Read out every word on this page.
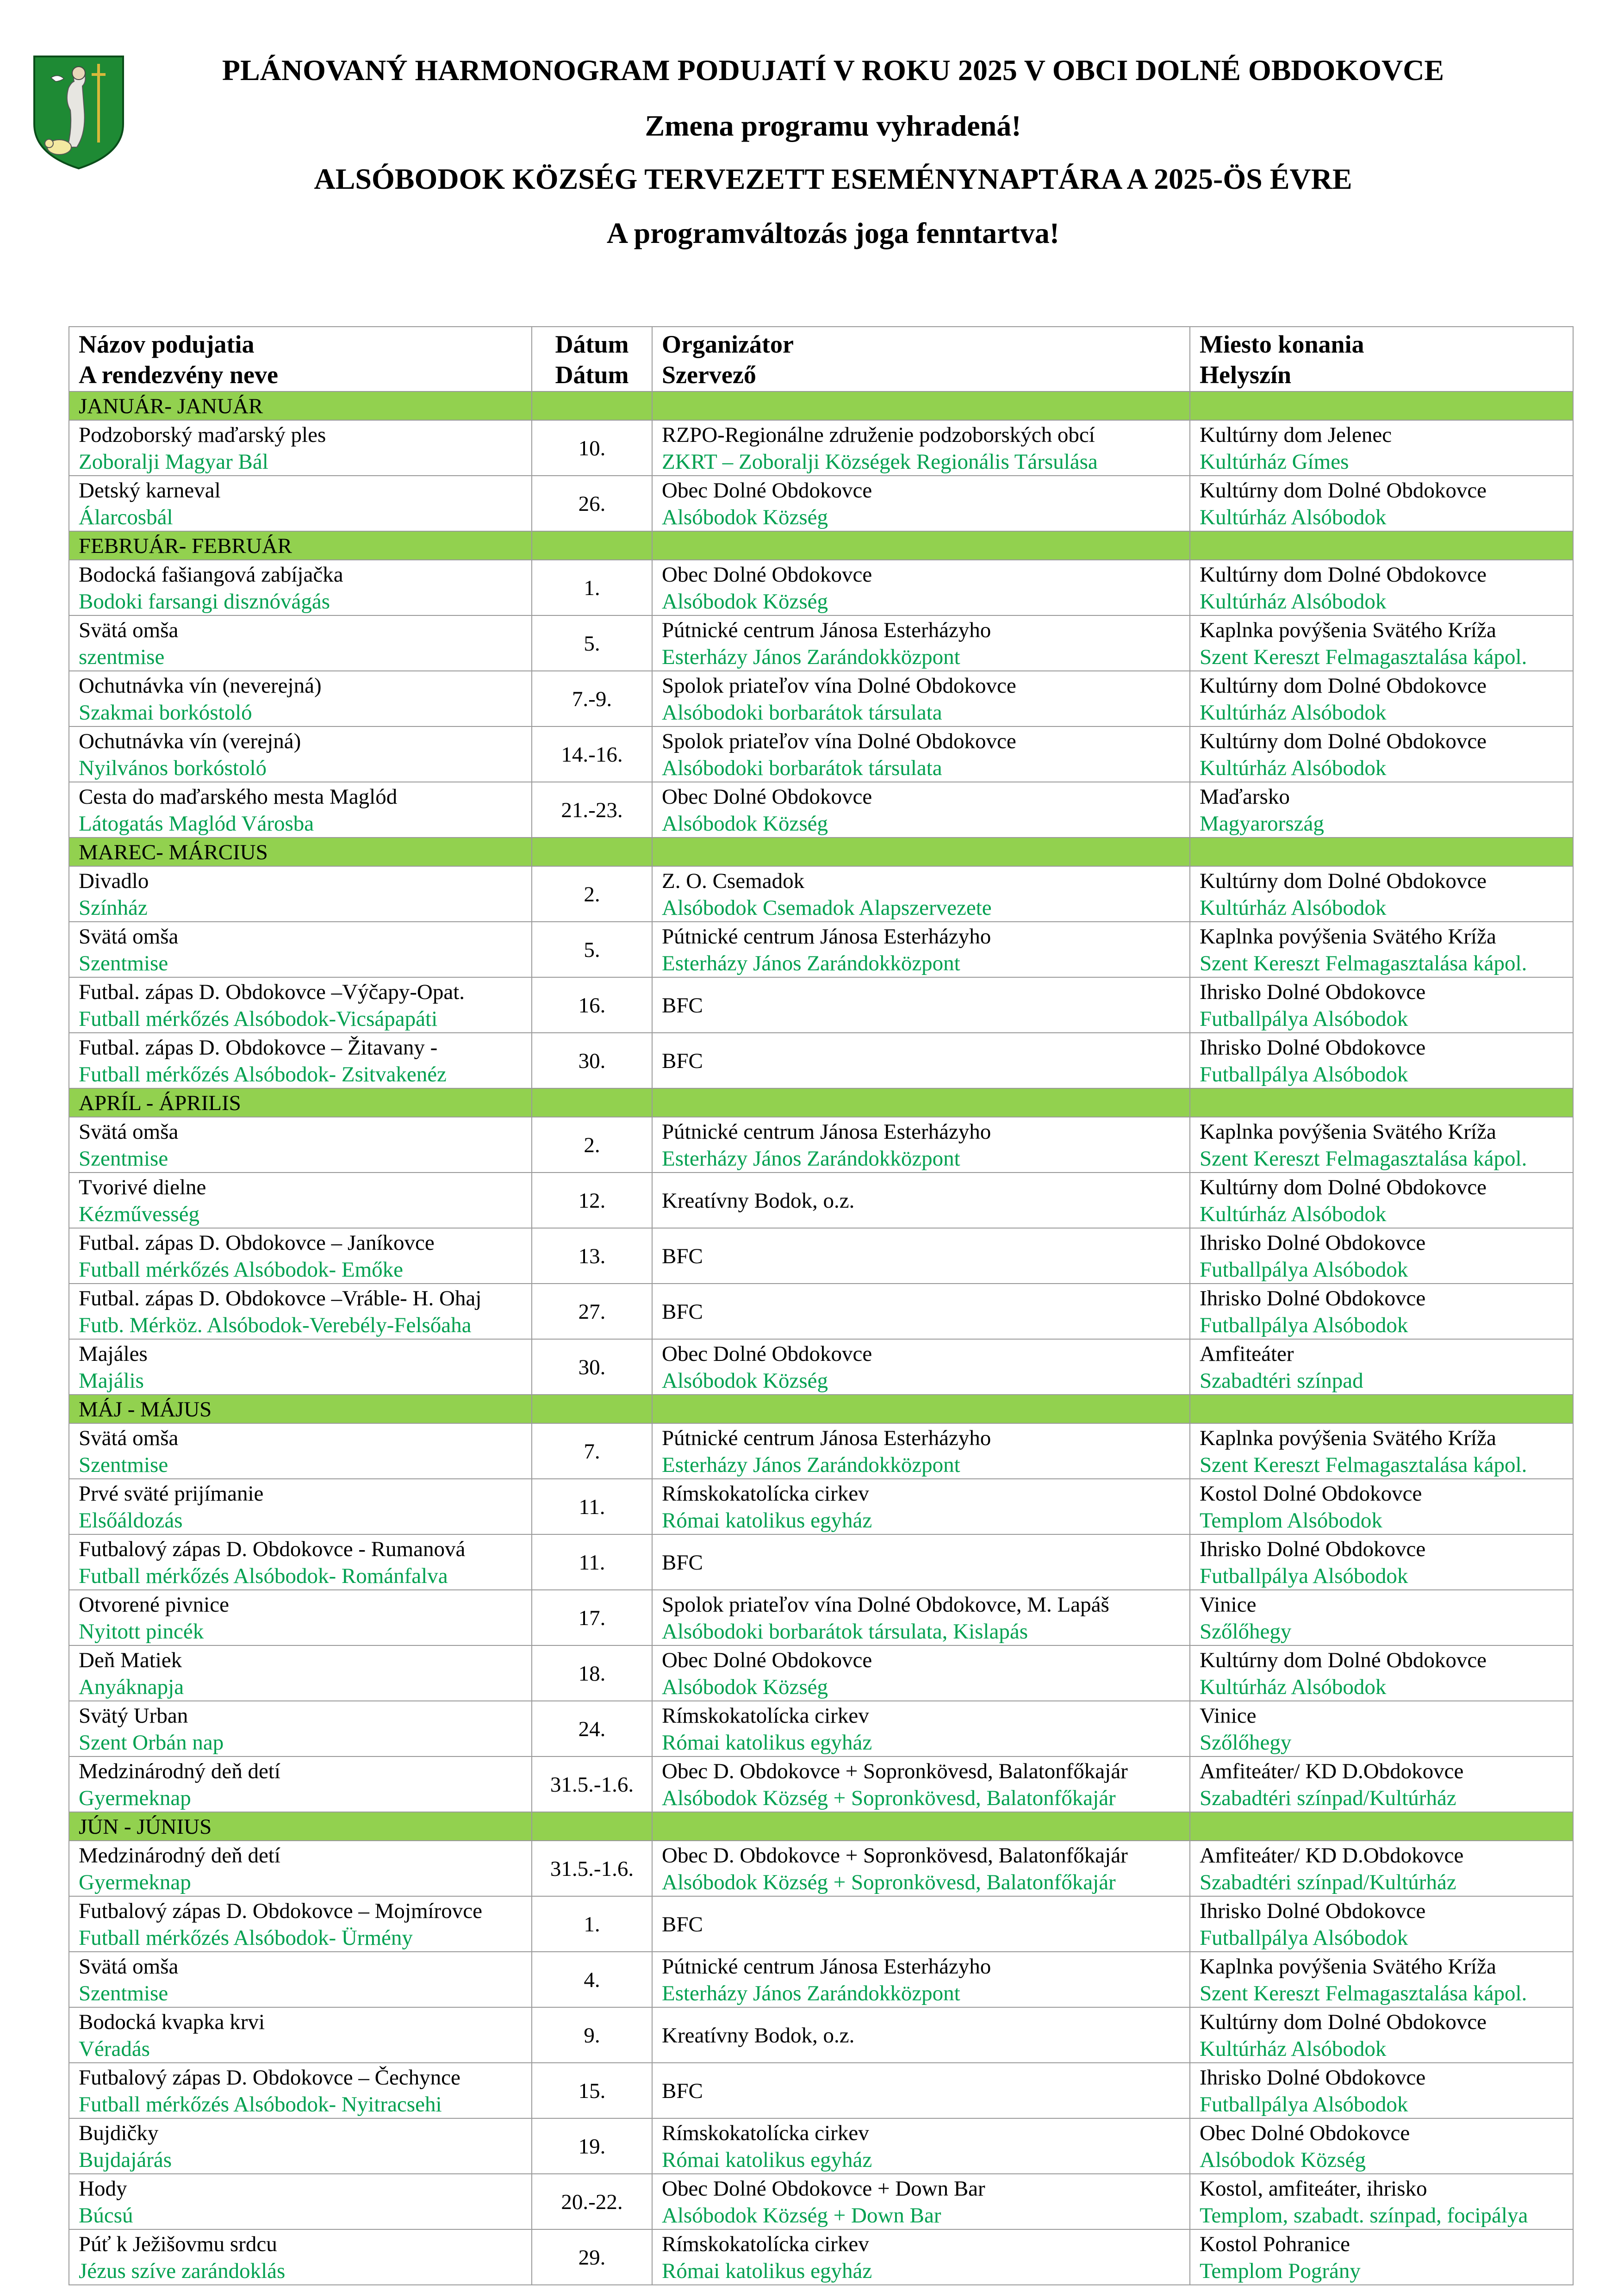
PLÁNOVANÝ HARMONOGRAM PODUJATÍ V ROKU 2025 V OBCI DOLNÉ OBDOKOVCE
Zmena programu vyhradená!
ALSÓBODOK KÖZSÉG TERVEZETT ESEMÉNYNAPTÁRA A 2025-ÖS ÉVRE
A programváltozás joga fenntartva!
Názov podujatia
A rendezvény neve	Dátum
Dátum	Organizátor
Szervező	Miesto konania
Helyszín

JANUÁR- JANUÁR			

Podzoborský maďarský ples
Zoboralji Magyar Bál	10.	RZPO-Regionálne združenie podzoborských obcí
ZKRT – Zoboralji Községek Regionális Társulása	Kultúrny dom Jelenec
Kultúrház Gímes

Detský karneval
Álarcosbál	26.	Obec Dolné Obdokovce
Alsóbodok Község	Kultúrny dom Dolné Obdokovce
Kultúrház Alsóbodok

FEBRUÁR- FEBRUÁR			

Bodocká fašiangová zabíjačka
Bodoki farsangi disznóvágás	1.	Obec Dolné Obdokovce
Alsóbodok Község	Kultúrny dom Dolné Obdokovce
Kultúrház Alsóbodok

Svätá omša
szentmise	5.	Pútnické centrum Jánosa Esterházyho
Esterházy János Zarándokközpont	Kaplnka povýšenia Svätého Kríža
Szent Kereszt Felmagasztalása kápol.

Ochutnávka vín (neverejná)
Szakmai borkóstoló	7.-9.	Spolok priateľov vína Dolné Obdokovce
Alsóbodoki borbarátok társulata	Kultúrny dom Dolné Obdokovce
Kultúrház Alsóbodok

Ochutnávka vín (verejná)
Nyilvános borkóstoló	14.-16.	Spolok priateľov vína Dolné Obdokovce
Alsóbodoki borbarátok társulata	Kultúrny dom Dolné Obdokovce
Kultúrház Alsóbodok

Cesta do maďarského mesta Maglód
Látogatás Maglód Városba	21.-23.	Obec Dolné Obdokovce
Alsóbodok Község	Maďarsko
Magyarország

MAREC- MÁRCIUS			

Divadlo
Színház	2.	Z. O. Csemadok
Alsóbodok Csemadok Alapszervezete	Kultúrny dom Dolné Obdokovce
Kultúrház Alsóbodok

Svätá omša
Szentmise	5.	Pútnické centrum Jánosa Esterházyho
Esterházy János Zarándokközpont	Kaplnka povýšenia Svätého Kríža
Szent Kereszt Felmagasztalása kápol.

Futbal. zápas D. Obdokovce –Výčapy-Opat.
Futball mérkőzés Alsóbodok-Vicsápapáti	16.	BFC	Ihrisko Dolné Obdokovce
Futballpálya Alsóbodok

Futbal. zápas D. Obdokovce – Žitavany -
Futball mérkőzés Alsóbodok- Zsitvakenéz	30.	BFC	Ihrisko Dolné Obdokovce
Futballpálya Alsóbodok

APRÍL - ÁPRILIS			

Svätá omša
Szentmise	2.	Pútnické centrum Jánosa Esterházyho
Esterházy János Zarándokközpont	Kaplnka povýšenia Svätého Kríža
Szent Kereszt Felmagasztalása kápol.

Tvorivé dielne
Kézművesség	12.	Kreatívny Bodok, o.z.	Kultúrny dom Dolné Obdokovce
Kultúrház Alsóbodok

Futbal. zápas D. Obdokovce – Janíkovce
Futball mérkőzés Alsóbodok- Emőke	13.	BFC	Ihrisko Dolné Obdokovce
Futballpálya Alsóbodok

Futbal. zápas D. Obdokovce –Vráble- H. Ohaj
Futb. Mérköz. Alsóbodok-Verebély-Felsőaha	27.	BFC	Ihrisko Dolné Obdokovce
Futballpálya Alsóbodok

Majáles
Majális	30.	Obec Dolné Obdokovce
Alsóbodok Község	Amfiteáter
Szabadtéri színpad

MÁJ - MÁJUS			

Svätá omša
Szentmise	7.	Pútnické centrum Jánosa Esterházyho
Esterházy János Zarándokközpont	Kaplnka povýšenia Svätého Kríža
Szent Kereszt Felmagasztalása kápol.

Prvé sväté prijímanie
Elsőáldozás	11.	Rímskokatolícka cirkev
Római katolikus egyház	Kostol Dolné Obdokovce
Templom Alsóbodok

Futbalový zápas D. Obdokovce - Rumanová
Futball mérkőzés Alsóbodok- Románfalva	11.	BFC	Ihrisko Dolné Obdokovce
Futballpálya Alsóbodok

Otvorené pivnice
Nyitott pincék	17.	Spolok priateľov vína Dolné Obdokovce, M. Lapáš
Alsóbodoki borbarátok társulata, Kislapás	Vinice
Szőlőhegy

Deň Matiek
Anyáknapja	18.	Obec Dolné Obdokovce
Alsóbodok Község	Kultúrny dom Dolné Obdokovce
Kultúrház Alsóbodok

Svätý Urban
Szent Orbán nap	24.	Rímskokatolícka cirkev
Római katolikus egyház	Vinice
Szőlőhegy

Medzinárodný deň detí
Gyermeknap	31.5.-1.6.	Obec D. Obdokovce + Sopronkövesd, Balatonfőkajár
Alsóbodok Község + Sopronkövesd, Balatonfőkajár	Amfiteáter/ KD D.Obdokovce
Szabadtéri színpad/Kultúrház

JÚN - JÚNIUS			

Medzinárodný deň detí
Gyermeknap	31.5.-1.6.	Obec D. Obdokovce + Sopronkövesd, Balatonfőkajár
Alsóbodok Község + Sopronkövesd, Balatonfőkajár	Amfiteáter/ KD D.Obdokovce
Szabadtéri színpad/Kultúrház

Futbalový zápas D. Obdokovce – Mojmírovce
Futball mérkőzés Alsóbodok- Ürmény	1.	BFC	Ihrisko Dolné Obdokovce
Futballpálya Alsóbodok

Svätá omša
Szentmise	4.	Pútnické centrum Jánosa Esterházyho
Esterházy János Zarándokközpont	Kaplnka povýšenia Svätého Kríža
Szent Kereszt Felmagasztalása kápol.

Bodocká kvapka krvi
Véradás	9.	Kreatívny Bodok, o.z.	Kultúrny dom Dolné Obdokovce
Kultúrház Alsóbodok

Futbalový zápas D. Obdokovce – Čechynce
Futball mérkőzés Alsóbodok- Nyitracsehi	15.	BFC	Ihrisko Dolné Obdokovce
Futballpálya Alsóbodok

Bujdičky
Bujdajárás	19.	Rímskokatolícka cirkev
Római katolikus egyház	Obec Dolné Obdokovce
Alsóbodok Község

Hody
Búcsú	20.-22.	Obec Dolné Obdokovce + Down Bar
Alsóbodok Község + Down Bar	Kostol, amfiteáter, ihrisko
Templom, szabadt. színpad, focipálya

Púť k Ježišovmu srdcu
Jézus szíve zarándoklás	29.	Rímskokatolícka cirkev
Római katolikus egyház	Kostol Pohranice
Templom Pográny
